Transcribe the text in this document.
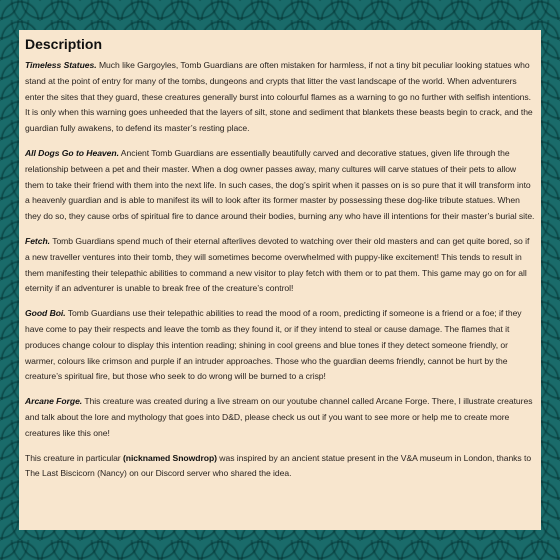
Description

Timeless Statues. Much like Gargoyles, Tomb Guardians are often mistaken for harmless, if not a tiny bit peculiar looking statues who stand at the point of entry for many of the tombs, dungeons and crypts that litter the vast landscape of the world. When adventurers enter the sites that they guard, these creatures generally burst into colourful flames as a warning to go no further with selfish intentions. It is only when this warning goes unheeded that the layers of silt, stone and sediment that blankets these beasts begin to crack, and the guardian fully awakens, to defend its master’s resting place.

All Dogs Go to Heaven. Ancient Tomb Guardians are essentially beautifully carved and decorative statues, given life through the relationship between a pet and their master. When a dog owner passes away, many cultures will carve statues of their pets to allow them to take their friend with them into the next life. In such cases, the dog’s spirit when it passes on is so pure that it will transform into a heavenly guardian and is able to manifest its will to look after its former master by possessing these dog-like tribute statues. When they do so, they cause orbs of spiritual fire to dance around their bodies, burning any who have ill intentions for their master’s burial site.

Fetch. Tomb Guardians spend much of their eternal afterlives devoted to watching over their old masters and can get quite bored, so if a new traveller ventures into their tomb, they will sometimes become overwhelmed with puppy-like excitement! This tends to result in them manifesting their telepathic abilities to command a new visitor to play fetch with them or to pat them. This game may go on for all eternity if an adventurer is unable to break free of the creature’s control!

Good Boi. Tomb Guardians use their telepathic abilities to read the mood of a room, predicting if someone is a friend or a foe; if they have come to pay their respects and leave the tomb as they found it, or if they intend to steal or cause damage. The flames that it produces change colour to display this intention reading; shining in cool greens and blue tones if they detect someone friendly, or warmer, colours like crimson and purple if an intruder approaches. Those who the guardian deems friendly, cannot be hurt by the creature’s spiritual fire, but those who seek to do wrong will be burned to a crisp!

Arcane Forge. This creature was created during a live stream on our youtube channel called Arcane Forge. There, I illustrate creatures and talk about the lore and mythology that goes into D&D, please check us out if you want to see more or help me to create more creatures like this one!

This creature in particular (nicknamed Snowdrop) was inspired by an ancient statue present in the V&A museum in London, thanks to The Last Biscicorn (Nancy) on our Discord server who shared the idea.
